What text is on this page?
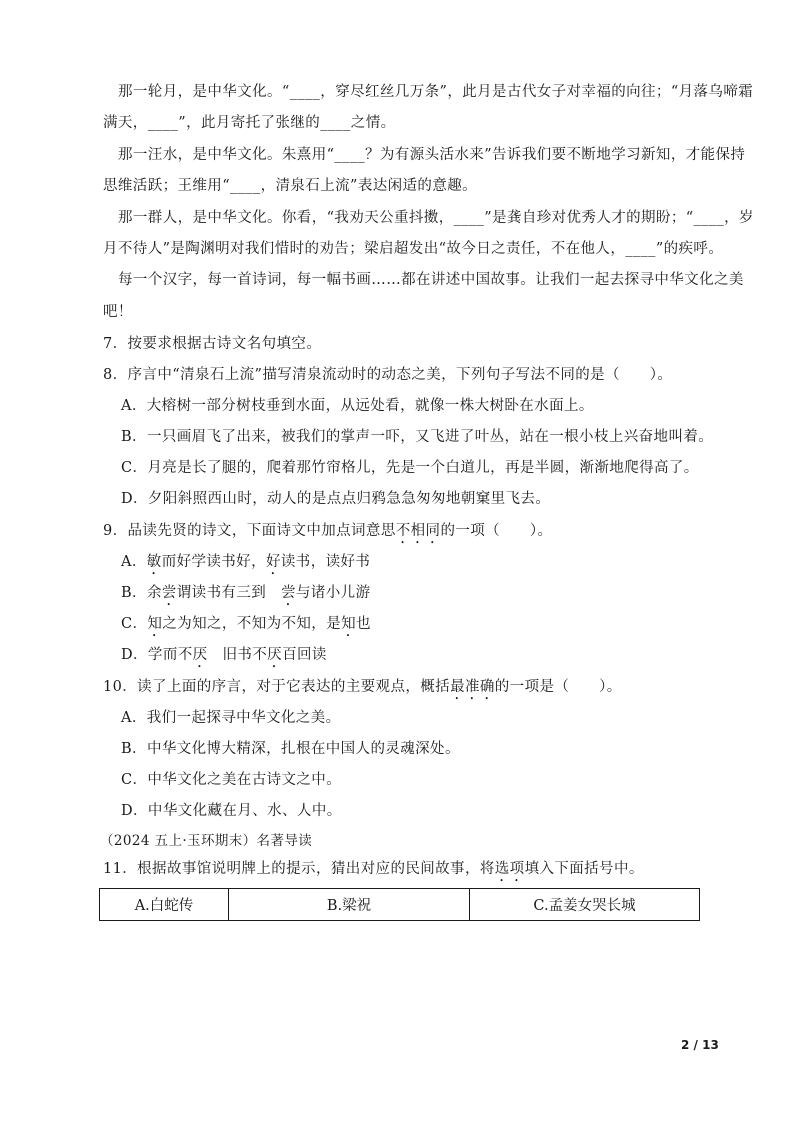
那一轮月，是中华文化。“____，穿尽红丝几万条”，此月是古代女子对幸福的向往；“月落乌啼霜
满天，____”，此月寄托了张继的____之情。
那一汪水，是中华文化。朱熹用“____？为有源头活水来”告诉我们要不断地学习新知，才能保持
思维活跃；王维用“____，清泉石上流”表达闲适的意趣。
那一群人，是中华文化。你看，“我劝天公重抖擞，____”是龚自珍对优秀人才的期盼；“____，岁
月不待人”是陶渊明对我们惜时的劝告；梁启超发出“故今日之责任，不在他人，____”的疾呼。
每一个汉字，每一首诗词，每一幅书画……都在讲述中国故事。让我们一起去探寻中华文化之美
吧！
7．按要求根据古诗文名句填空。
8．序言中“清泉石上流”描写清泉流动时的动态之美，下列句子写法不同的是（　　）。
A．大榕树一部分树枝垂到水面，从远处看，就像一株大树卧在水面上。
B．一只画眉飞了出来，被我们的掌声一吓，又飞进了叶丛，站在一根小枝上兴奋地叫着。
C．月亮是长了腿的，爬着那竹帘格儿，先是一个白道儿，再是半圆，渐渐地爬得高了。
D．夕阳斜照西山时，动人的是点点归鸦急急匆匆地朝窠里飞去。
9．品读先贤的诗文，下面诗文中加点词意思不相同的一项（　　）。
A．敏而好学读书好，好读书，读好书
B．余尝谓读书有三到　尝与诸小儿游
C．知之为知之，不知为不知，是知也
D．学而不厌　旧书不厌百回读
10．读了上面的序言，对于它表达的主要观点，概括最准确的一项是（　　）。
A．我们一起探寻中华文化之美。
B．中华文化博大精深，扎根在中国人的灵魂深处。
C．中华文化之美在古诗文之中。
D．中华文化藏在月、水、人中。
（2024 五上·玉环期末）名著导读
11．根据故事馆说明牌上的提示，猜出对应的民间故事，将选项填入下面括号中。
A.白蛇传	B.梁祝	C.孟姜女哭长城
2 / 13
